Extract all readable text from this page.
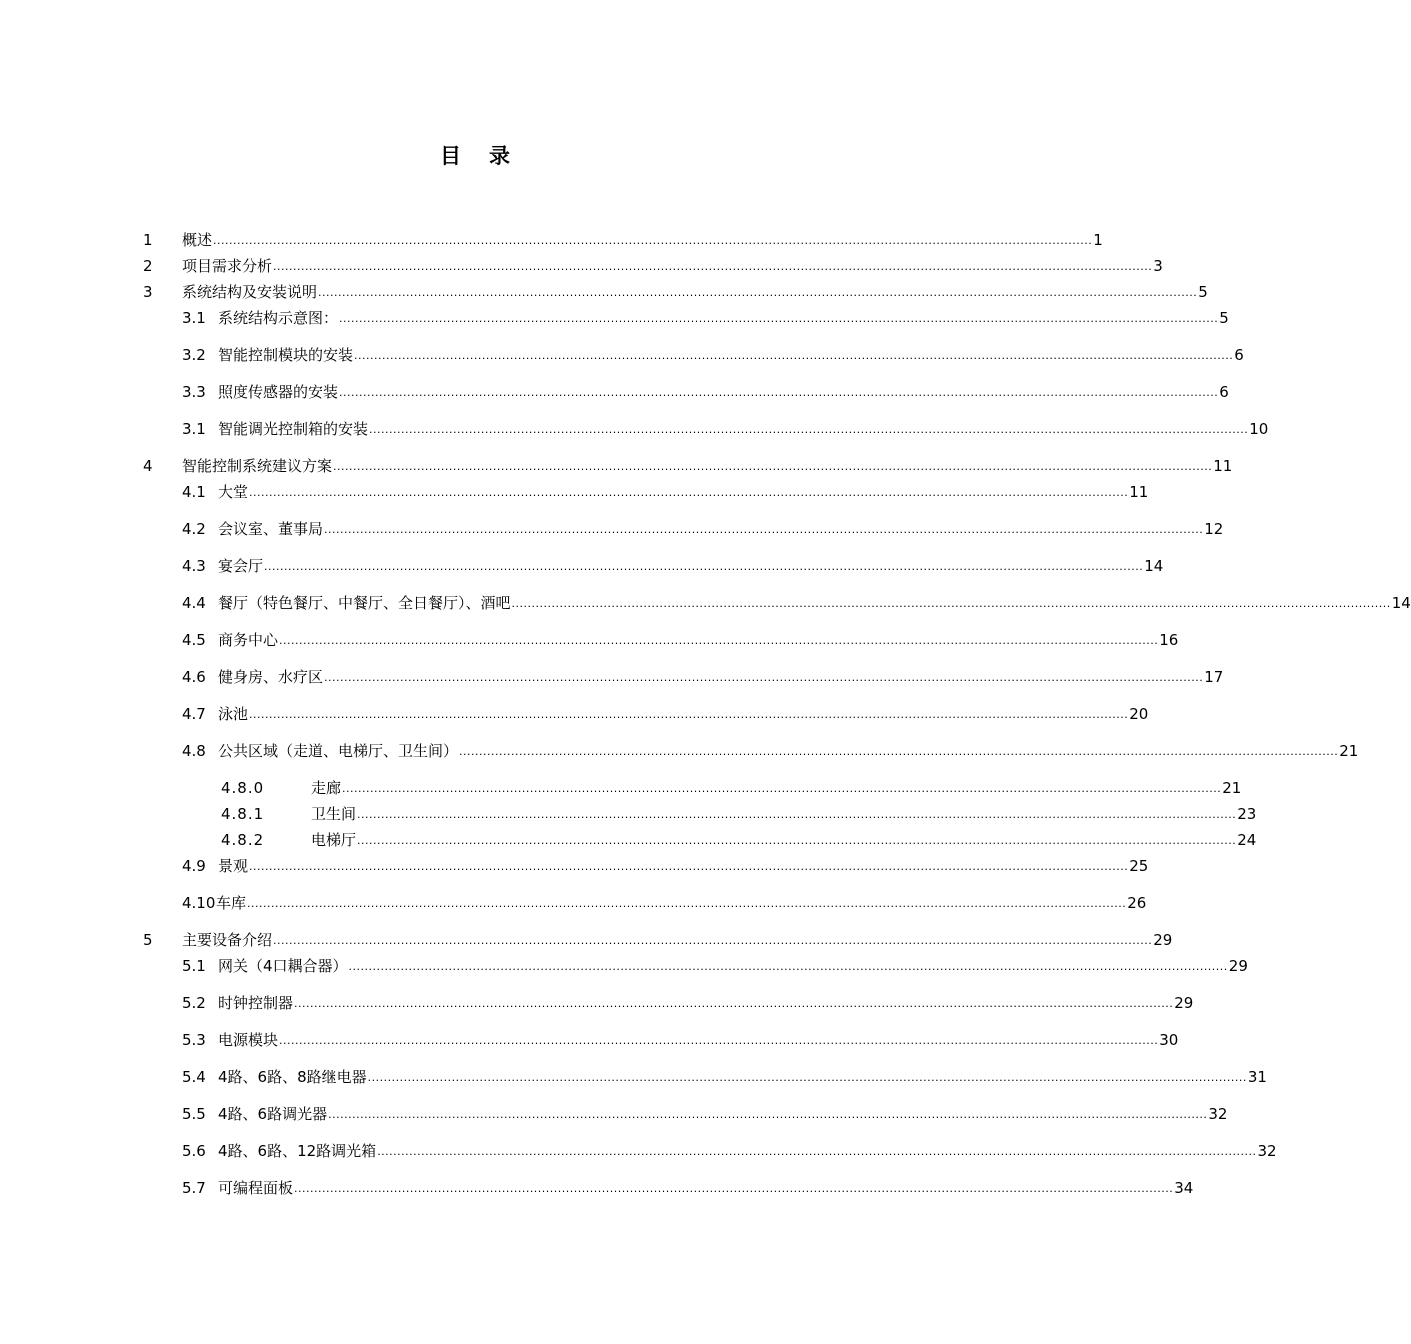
目 录
1 概述 ............................................................................................................................................................................................................................ 1
2 项目需求分析 ............................................................................................................................................................................................................................ 3
3 系统结构及安装说明 ............................................................................................................................................................................................................................ 5
3.1 系统结构示意图： ............................................................................................................................................................................................................................ 5
3.2 智能控制模块的安装 ............................................................................................................................................................................................................................ 6
3.3 照度传感器的安装 ............................................................................................................................................................................................................................ 6
3.1 智能调光控制箱的安装 ............................................................................................................................................................................................................................ 10
4 智能控制系统建议方案 ............................................................................................................................................................................................................................ 11
4.1 大堂 ............................................................................................................................................................................................................................ 11
4.2 会议室、董事局 ............................................................................................................................................................................................................................ 12
4.3 宴会厅 ............................................................................................................................................................................................................................ 14
4.4 餐厅（特色餐厅、中餐厅、全日餐厅）、酒吧 ............................................................................................................................................................................................................................ 14
4.5 商务中心 ............................................................................................................................................................................................................................ 16
4.6 健身房、水疗区 ............................................................................................................................................................................................................................ 17
4.7 泳池 ............................................................................................................................................................................................................................ 20
4.8 公共区域（走道、电梯厅、卫生间） ............................................................................................................................................................................................................................ 21
4.8.0	走廊 ............................................................................................................................................................................................................................ 21
4.8.1	卫生间 ............................................................................................................................................................................................................................ 23
4.8.2	电梯厅 ............................................................................................................................................................................................................................ 24
4.9 景观 ............................................................................................................................................................................................................................ 25
4.10 车库 ............................................................................................................................................................................................................................ 26
5 主要设备介绍 ............................................................................................................................................................................................................................ 29
5.1 网关（4口耦合器） ............................................................................................................................................................................................................................ 29
5.2 时钟控制器 ............................................................................................................................................................................................................................ 29
5.3 电源模块 ............................................................................................................................................................................................................................ 30
5.4 4路、6路、8路继电器 ............................................................................................................................................................................................................................ 31
5.5 4路、6路调光器 ............................................................................................................................................................................................................................ 32
5.6 4路、6路、12路调光箱 ............................................................................................................................................................................................................................ 32
5.7 可编程面板 ............................................................................................................................................................................................................................ 34
